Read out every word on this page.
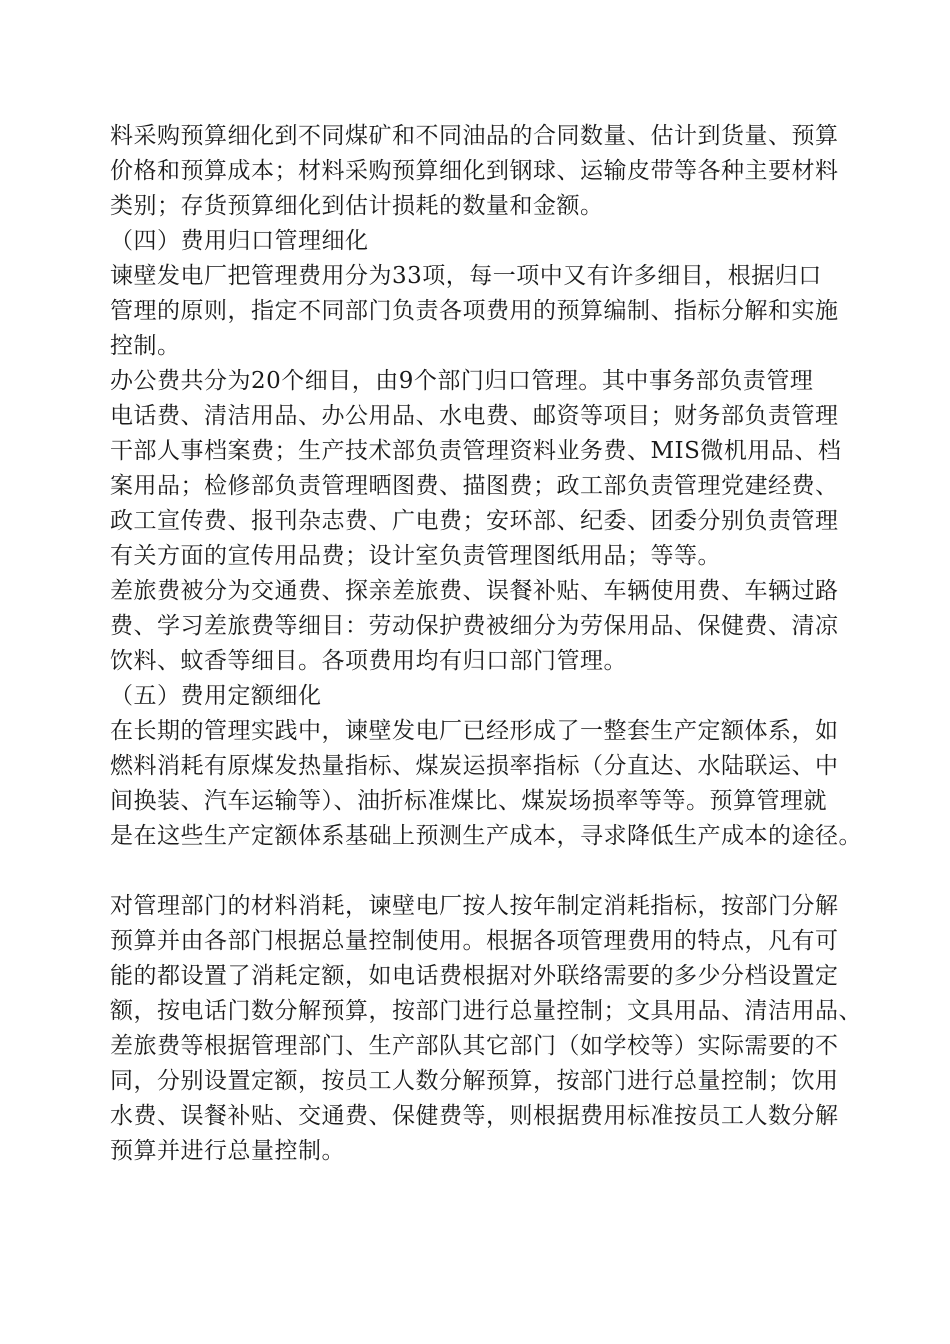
料采购预算细化到不同煤矿和不同油品的合同数量、估计到货量、预算
价格和预算成本；材料采购预算细化到钢球、运输皮带等各种主要材料
类别；存货预算细化到估计损耗的数量和金额。
（四）费用归口管理细化
谏壁发电厂把管理费用分为33项，每一项中又有许多细目，根据归口
管理的原则，指定不同部门负责各项费用的预算编制、指标分解和实施
控制。
办公费共分为20个细目，由9个部门归口管理。其中事务部负责管理
电话费、清洁用品、办公用品、水电费、邮资等项目；财务部负责管理
干部人事档案费；生产技术部负责管理资料业务费、MIS微机用品、档
案用品；检修部负责管理晒图费、描图费；政工部负责管理党建经费、
政工宣传费、报刊杂志费、广电费；安环部、纪委、团委分别负责管理
有关方面的宣传用品费；设计室负责管理图纸用品；等等。
差旅费被分为交通费、探亲差旅费、误餐补贴、车辆使用费、车辆过路
费、学习差旅费等细目：劳动保护费被细分为劳保用品、保健费、清凉
饮料、蚊香等细目。各项费用均有归口部门管理。
（五）费用定额细化
在长期的管理实践中，谏壁发电厂已经形成了一整套生产定额体系，如
燃料消耗有原煤发热量指标、煤炭运损率指标（分直达、水陆联运、中
间换装、汽车运输等）、油折标准煤比、煤炭场损率等等。预算管理就
是在这些生产定额体系基础上预测生产成本，寻求降低生产成本的途径。
对管理部门的材料消耗，谏壁电厂按人按年制定消耗指标，按部门分解
预算并由各部门根据总量控制使用。根据各项管理费用的特点，凡有可
能的都设置了消耗定额，如电话费根据对外联络需要的多少分档设置定
额，按电话门数分解预算，按部门进行总量控制；文具用品、清洁用品、
差旅费等根据管理部门、生产部队其它部门（如学校等）实际需要的不
同，分别设置定额，按员工人数分解预算，按部门进行总量控制；饮用
水费、误餐补贴、交通费、保健费等，则根据费用标准按员工人数分解
预算并进行总量控制。
